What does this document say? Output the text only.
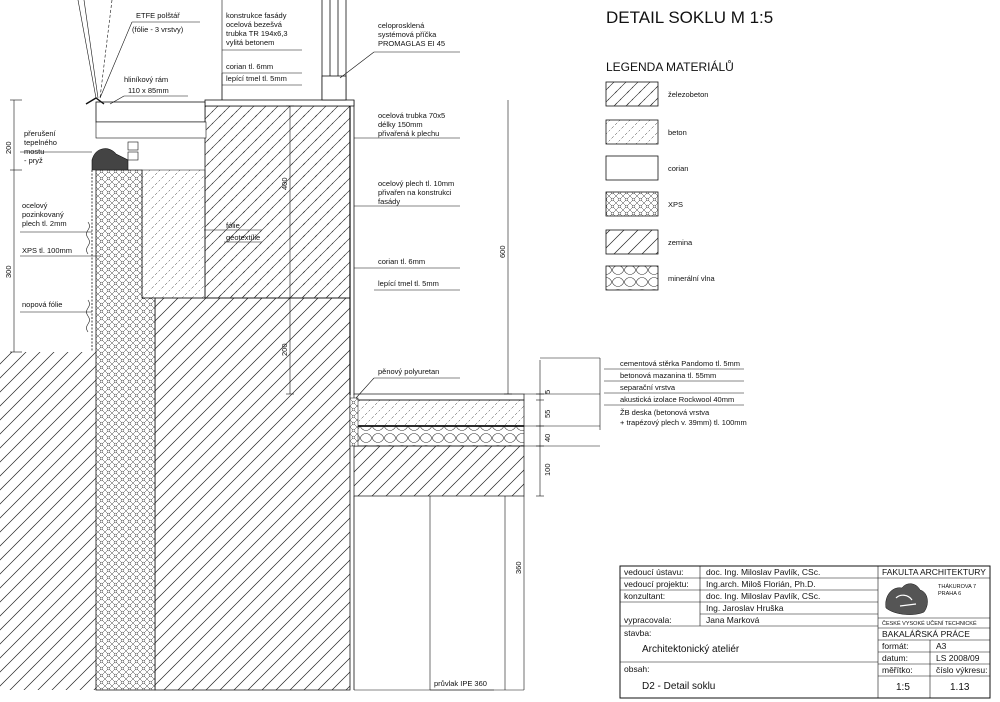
ETFE polštář
(fólie - 3 vrstvy)
konstrukce fasády
ocelová bezešvá
trubka TR 194x6,3
vylitá betonem
celoprosklená
systémová příčka
PROMAGLAS EI 45
corian tl. 6mm
lepící tmel tl. 5mm
hliníkový rám
110 x 85mm
ocelová trubka 70x5
délky 150mm
přivařená k plechu
ocelový plech tl. 10mm
přivařen na konstrukci
fasády
fólie
geotextílie
corian tl. 6mm
lepící tmel tl. 5mm
přerušení
tepelného
mostu
- pryž
ocelový
pozinkovaný
plech tl. 2mm
XPS tl. 100mm
nopová fólie
pěnový polyuretan
průvlak IPE 360
200
300
400
600
200
5
55
40
100
360
DETAIL SOKLU M 1:5
LEGENDA MATERIÁLŮ
železobeton
beton
corian
XPS
zemina
minerální vlna
cementová stěrka Pandomo tl. 5mm
betonová mazanina tl. 55mm
separační vrstva
akustická izolace Rockwool 40mm
ŽB deska (betonová vrstva
+ trapézový plech v. 39mm) tl. 100mm
vedoucí ústavu:	doc. Ing. Miloslav Pavlík, CSc.
vedoucí projektu: Ing.arch. Miloš Florián, Ph.D.
konzultant:	doc. Ing. Miloslav Pavlík, CSc.
Ing. Jaroslav Hruška
vypracovala:	Jana Marková
stavba:
Architektonický ateliér
obsah:
D2 - Detail soklu
FAKULTA ARCHITEKTURY
BAKALÁŘSKÁ PRÁCE
formát:	A3
datum:	LS 2008/09
měřítko:	číslo výkresu:
1:5	1.13
THÁKUROVA 7
PRAHA 6
ČESKÉ VYSOKÉ UČENÍ TECHNICKÉ
